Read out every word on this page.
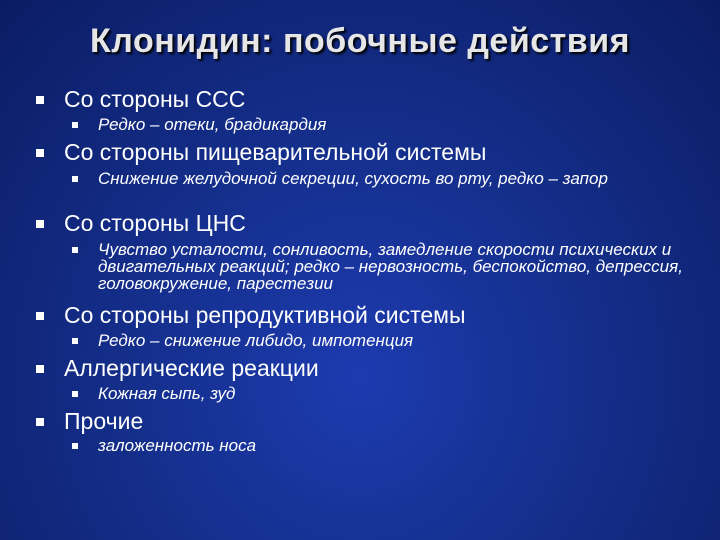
Клонидин: побочные действия
Со стороны ССС
Редко – отеки, брадикардия
Со стороны пищеварительной системы
Снижение желудочной секреции, сухость во рту, редко – запор
Со стороны ЦНС
Чувство усталости, сонливость, замедление скорости психических и двигательных реакций; редко – нервозность, беспокойство, депрессия, головокружение, парестезии
Со стороны репродуктивной системы
Редко – снижение либидо, импотенция
Аллергические реакции
Кожная сыпь, зуд
Прочие
заложенность носа
